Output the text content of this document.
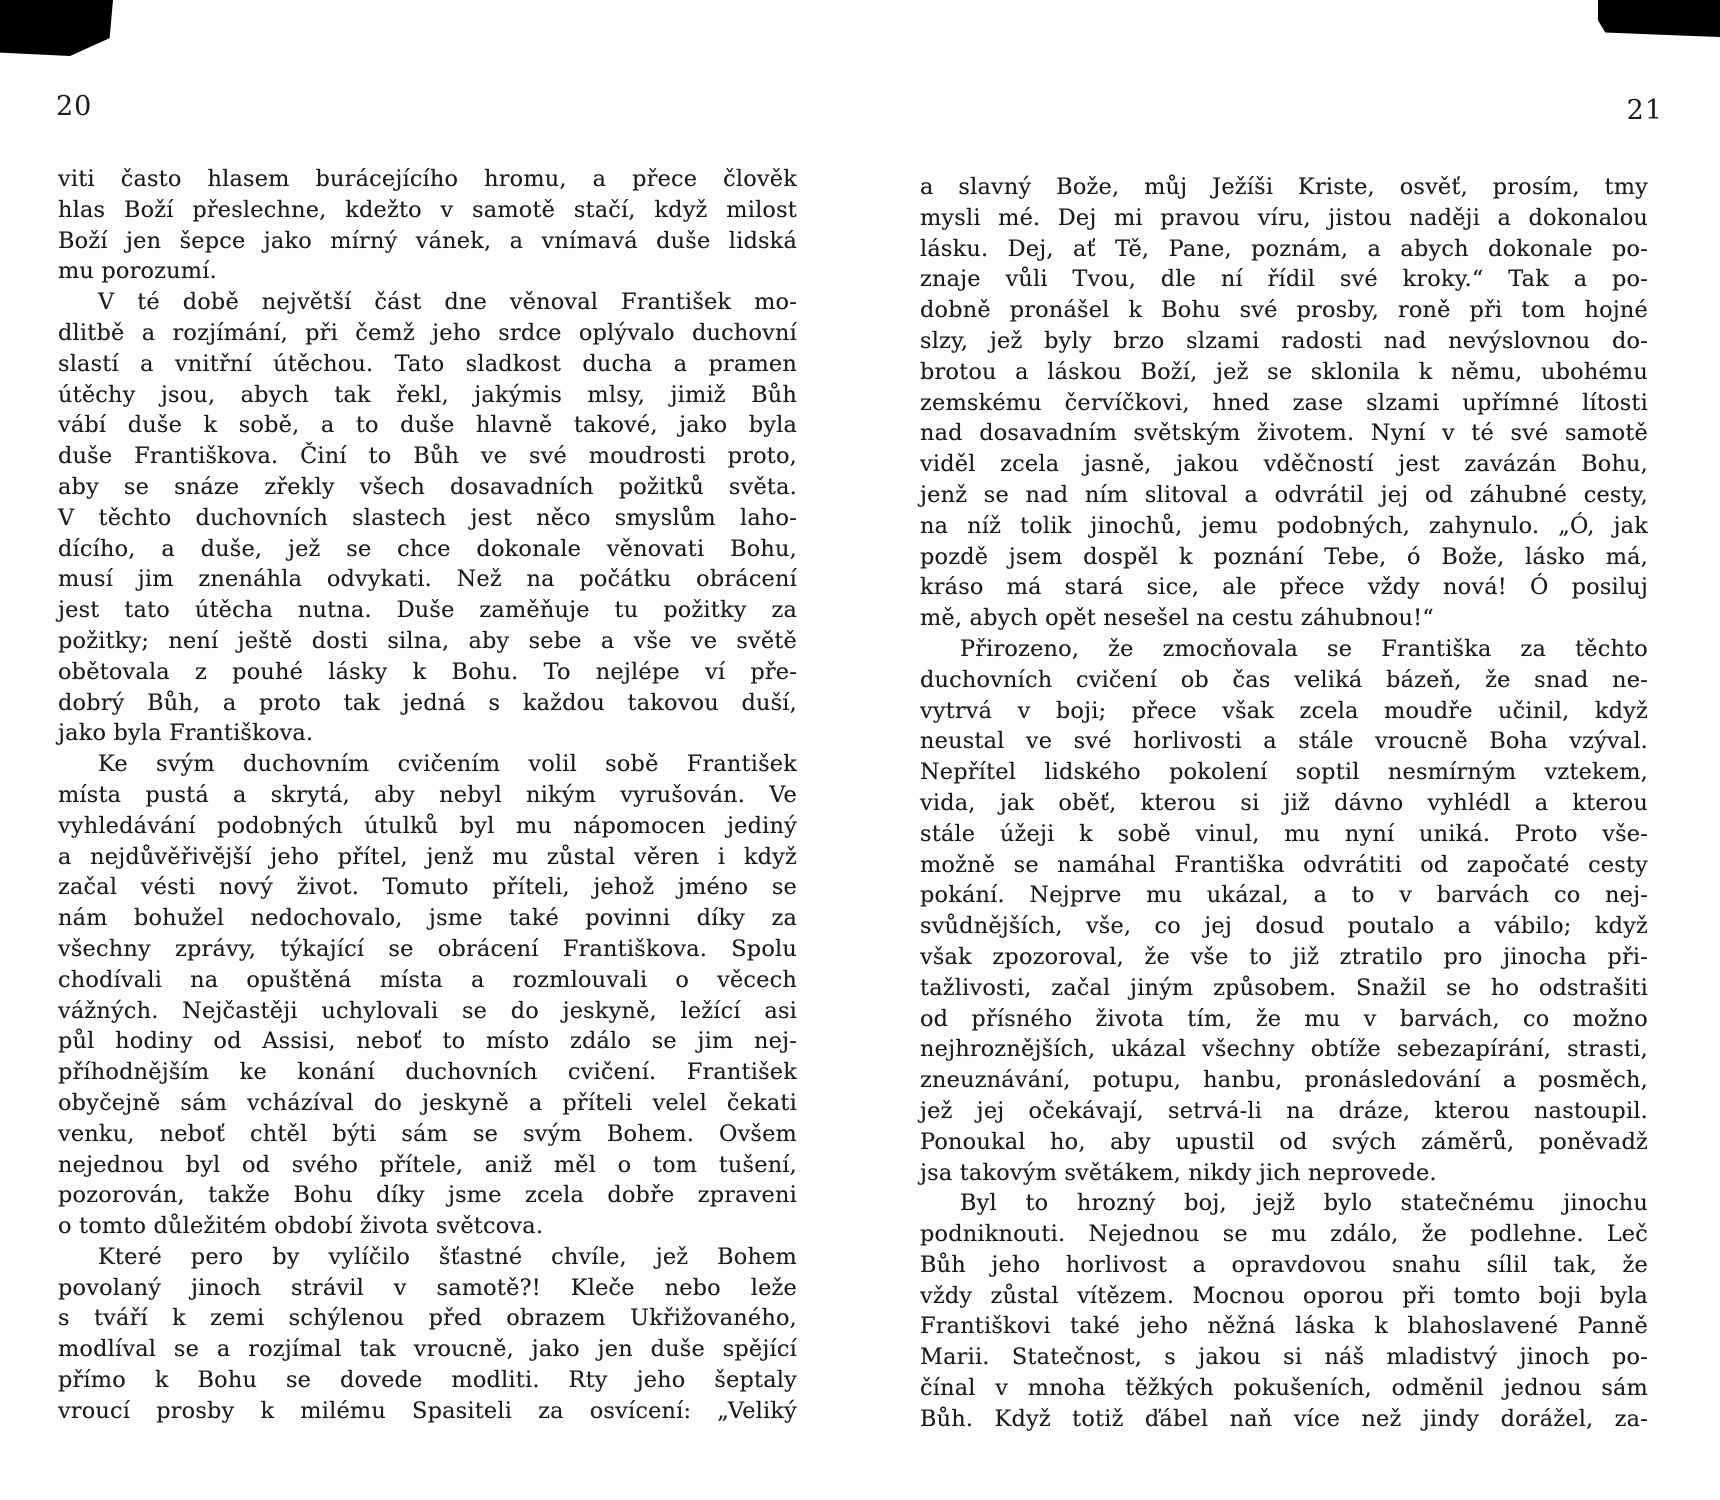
20	21
viti často hlasem burácejícího hromu, a přece člověk
hlas Boží přeslechne, kdežto v samotě stačí, když milost
Boží jen šepce jako mírný vánek, a vnímavá duše lidská
mu porozumí.
V té době největší část dne věnoval František mo-
dlitbě a rozjímání, při čemž jeho srdce oplývalo duchovní
slastí a vnitřní útěchou. Tato sladkost ducha a pramen
útěchy jsou, abych tak řekl, jakýmis mlsy, jimiž Bůh
vábí duše k sobě, a to duše hlavně takové, jako byla
duše Františkova. Činí to Bůh ve své moudrosti proto,
aby se snáze zřekly všech dosavadních požitků světa.
V těchto duchovních slastech jest něco smyslům laho-
dícího, a duše, jež se chce dokonale věnovati Bohu,
musí jim znenáhla odvykati. Než na počátku obrácení
jest tato útěcha nutna. Duše zaměňuje tu požitky za
požitky; není ještě dosti silna, aby sebe a vše ve světě
obětovala z pouhé lásky k Bohu. To nejlépe ví pře-
dobrý Bůh, a proto tak jedná s každou takovou duší,
jako byla Františkova.
Ke svým duchovním cvičením volil sobě František
místa pustá a skrytá, aby nebyl nikým vyrušován. Ve
vyhledávání podobných útulků byl mu nápomocen jediný
a nejdůvěřivější jeho přítel, jenž mu zůstal věren i když
začal vésti nový život. Tomuto příteli, jehož jméno se
nám bohužel nedochovalo, jsme také povinni díky za
všechny zprávy, týkající se obrácení Františkova. Spolu
chodívali na opuštěná místa a rozmlouvali o věcech
vážných. Nejčastěji uchylovali se do jeskyně, ležící asi
půl hodiny od Assisi, neboť to místo zdálo se jim nej-
příhodnějším ke konání duchovních cvičení. František
obyčejně sám vcházíval do jeskyně a příteli velel čekati
venku, neboť chtěl býti sám se svým Bohem. Ovšem
nejednou byl od svého přítele, aniž měl o tom tušení,
pozorován, takže Bohu díky jsme zcela dobře zpraveni
o tomto důležitém období života světcova.
Které pero by vylíčilo šťastné chvíle, jež Bohem
povolaný jinoch strávil v samotě?! Kleče nebo leže
s tváří k zemi schýlenou před obrazem Ukřižovaného,
modlíval se a rozjímal tak vroucně, jako jen duše spějící
přímo k Bohu se dovede modliti. Rty jeho šeptaly
vroucí prosby k milému Spasiteli za osvícení: „Veliký
a slavný Bože, můj Ježíši Kriste, osvěť, prosím, tmy
mysli mé. Dej mi pravou víru, jistou naději a dokonalou
lásku. Dej, ať Tě, Pane, poznám, a abych dokonale po-
znaje vůli Tvou, dle ní řídil své kroky.“ Tak a po-
dobně pronášel k Bohu své prosby, roně při tom hojné
slzy, jež byly brzo slzami radosti nad nevýslovnou do-
brotou a láskou Boží, jež se sklonila k němu, ubohému
zemskému červíčkovi, hned zase slzami upřímné lítosti
nad dosavadním světským životem. Nyní v té své samotě
viděl zcela jasně, jakou vděčností jest zavázán Bohu,
jenž se nad ním slitoval a odvrátil jej od záhubné cesty,
na níž tolik jinochů, jemu podobných, zahynulo. „Ó, jak
pozdě jsem dospěl k poznání Tebe, ó Bože, lásko má,
kráso má stará sice, ale přece vždy nová! Ó posiluj
mě, abych opět nesešel na cestu záhubnou!“
Přirozeno, že zmocňovala se Františka za těchto
duchovních cvičení ob čas veliká bázeň, že snad ne-
vytrvá v boji; přece však zcela moudře učinil, když
neustal ve své horlivosti a stále vroucně Boha vzýval.
Nepřítel lidského pokolení soptil nesmírným vztekem,
vida, jak oběť, kterou si již dávno vyhlédl a kterou
stále úžeji k sobě vinul, mu nyní uniká. Proto vše-
možně se namáhal Františka odvrátiti od započaté cesty
pokání. Nejprve mu ukázal, a to v barvách co nej-
svůdnějších, vše, co jej dosud poutalo a vábilo; když
však zpozoroval, že vše to již ztratilo pro jinocha při-
tažlivosti, začal jiným způsobem. Snažil se ho odstrašiti
od přísného života tím, že mu v barvách, co možno
nejhroznějších, ukázal všechny obtíže sebezapírání, strasti,
zneuznávání, potupu, hanbu, pronásledování a posměch,
jež jej očekávají, setrvá-li na dráze, kterou nastoupil.
Ponoukal ho, aby upustil od svých záměrů, poněvadž
jsa takovým světákem, nikdy jich neprovede.
Byl to hrozný boj, jejž bylo statečnému jinochu
podniknouti. Nejednou se mu zdálo, že podlehne. Leč
Bůh jeho horlivost a opravdovou snahu sílil tak, že
vždy zůstal vítězem. Mocnou oporou při tomto boji byla
Františkovi také jeho něžná láska k blahoslavené Panně
Marii. Statečnost, s jakou si náš mladistvý jinoch po-
čínal v mnoha těžkých pokušeních, odměnil jednou sám
Bůh. Když totiž ďábel naň více než jindy dorážel, za-
